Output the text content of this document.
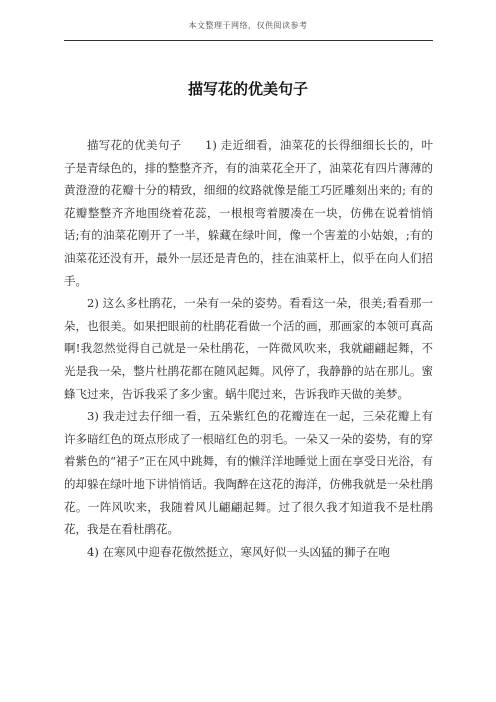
本文整理于网络，仅供阅读参考
描写花的优美句子

描写花的优美句子　　1) 走近细看，油菜花的长得细细长长的，叶子是青绿色的，排的整整齐齐，有的油菜花全开了，油菜花有四片薄薄的黄澄澄的花瓣十分的精致，细细的纹路就像是能工巧匠雕刻出来的; 有的花瓣整整齐齐地围绕着花蕊，一根根弯着腰凑在一块，仿佛在说着悄悄话;有的油菜花刚开了一半，躲藏在绿叶间，像一个害羞的小姑娘，;有的油菜花还没有开，最外一层还是青色的，挂在油菜杆上，似乎在向人们招手。

2) 这么多杜鹃花，一朵有一朵的姿势。看看这一朵，很美;看看那一朵，也很美。如果把眼前的杜鹃花看做一个活的画，那画家的本领可真高啊!我忽然觉得自己就是一朵杜鹃花，一阵微风吹来，我就翩翩起舞，不光是我一朵，整片杜鹃花都在随风起舞。风停了，我静静的站在那儿。蜜蜂飞过来，告诉我采了多少蜜。蜗牛爬过来，告诉我昨天做的美梦。

3) 我走过去仔细一看，五朵紫红色的花瓣连在一起，三朵花瓣上有许多暗红色的斑点形成了一根暗红色的羽毛。一朵又一朵的姿势，有的穿着紫色的“裙子”正在风中跳舞，有的懒洋洋地睡觉上面在享受日光浴，有的却躲在绿叶地下讲悄悄话。我陶醉在这花的海洋，仿佛我就是一朵杜鹃花。一阵风吹来，我随着风儿翩翩起舞。过了很久我才知道我不是杜鹃花，我是在看杜鹃花。

4) 在寒风中迎春花傲然挺立，寒风好似一头凶猛的狮子在咆
